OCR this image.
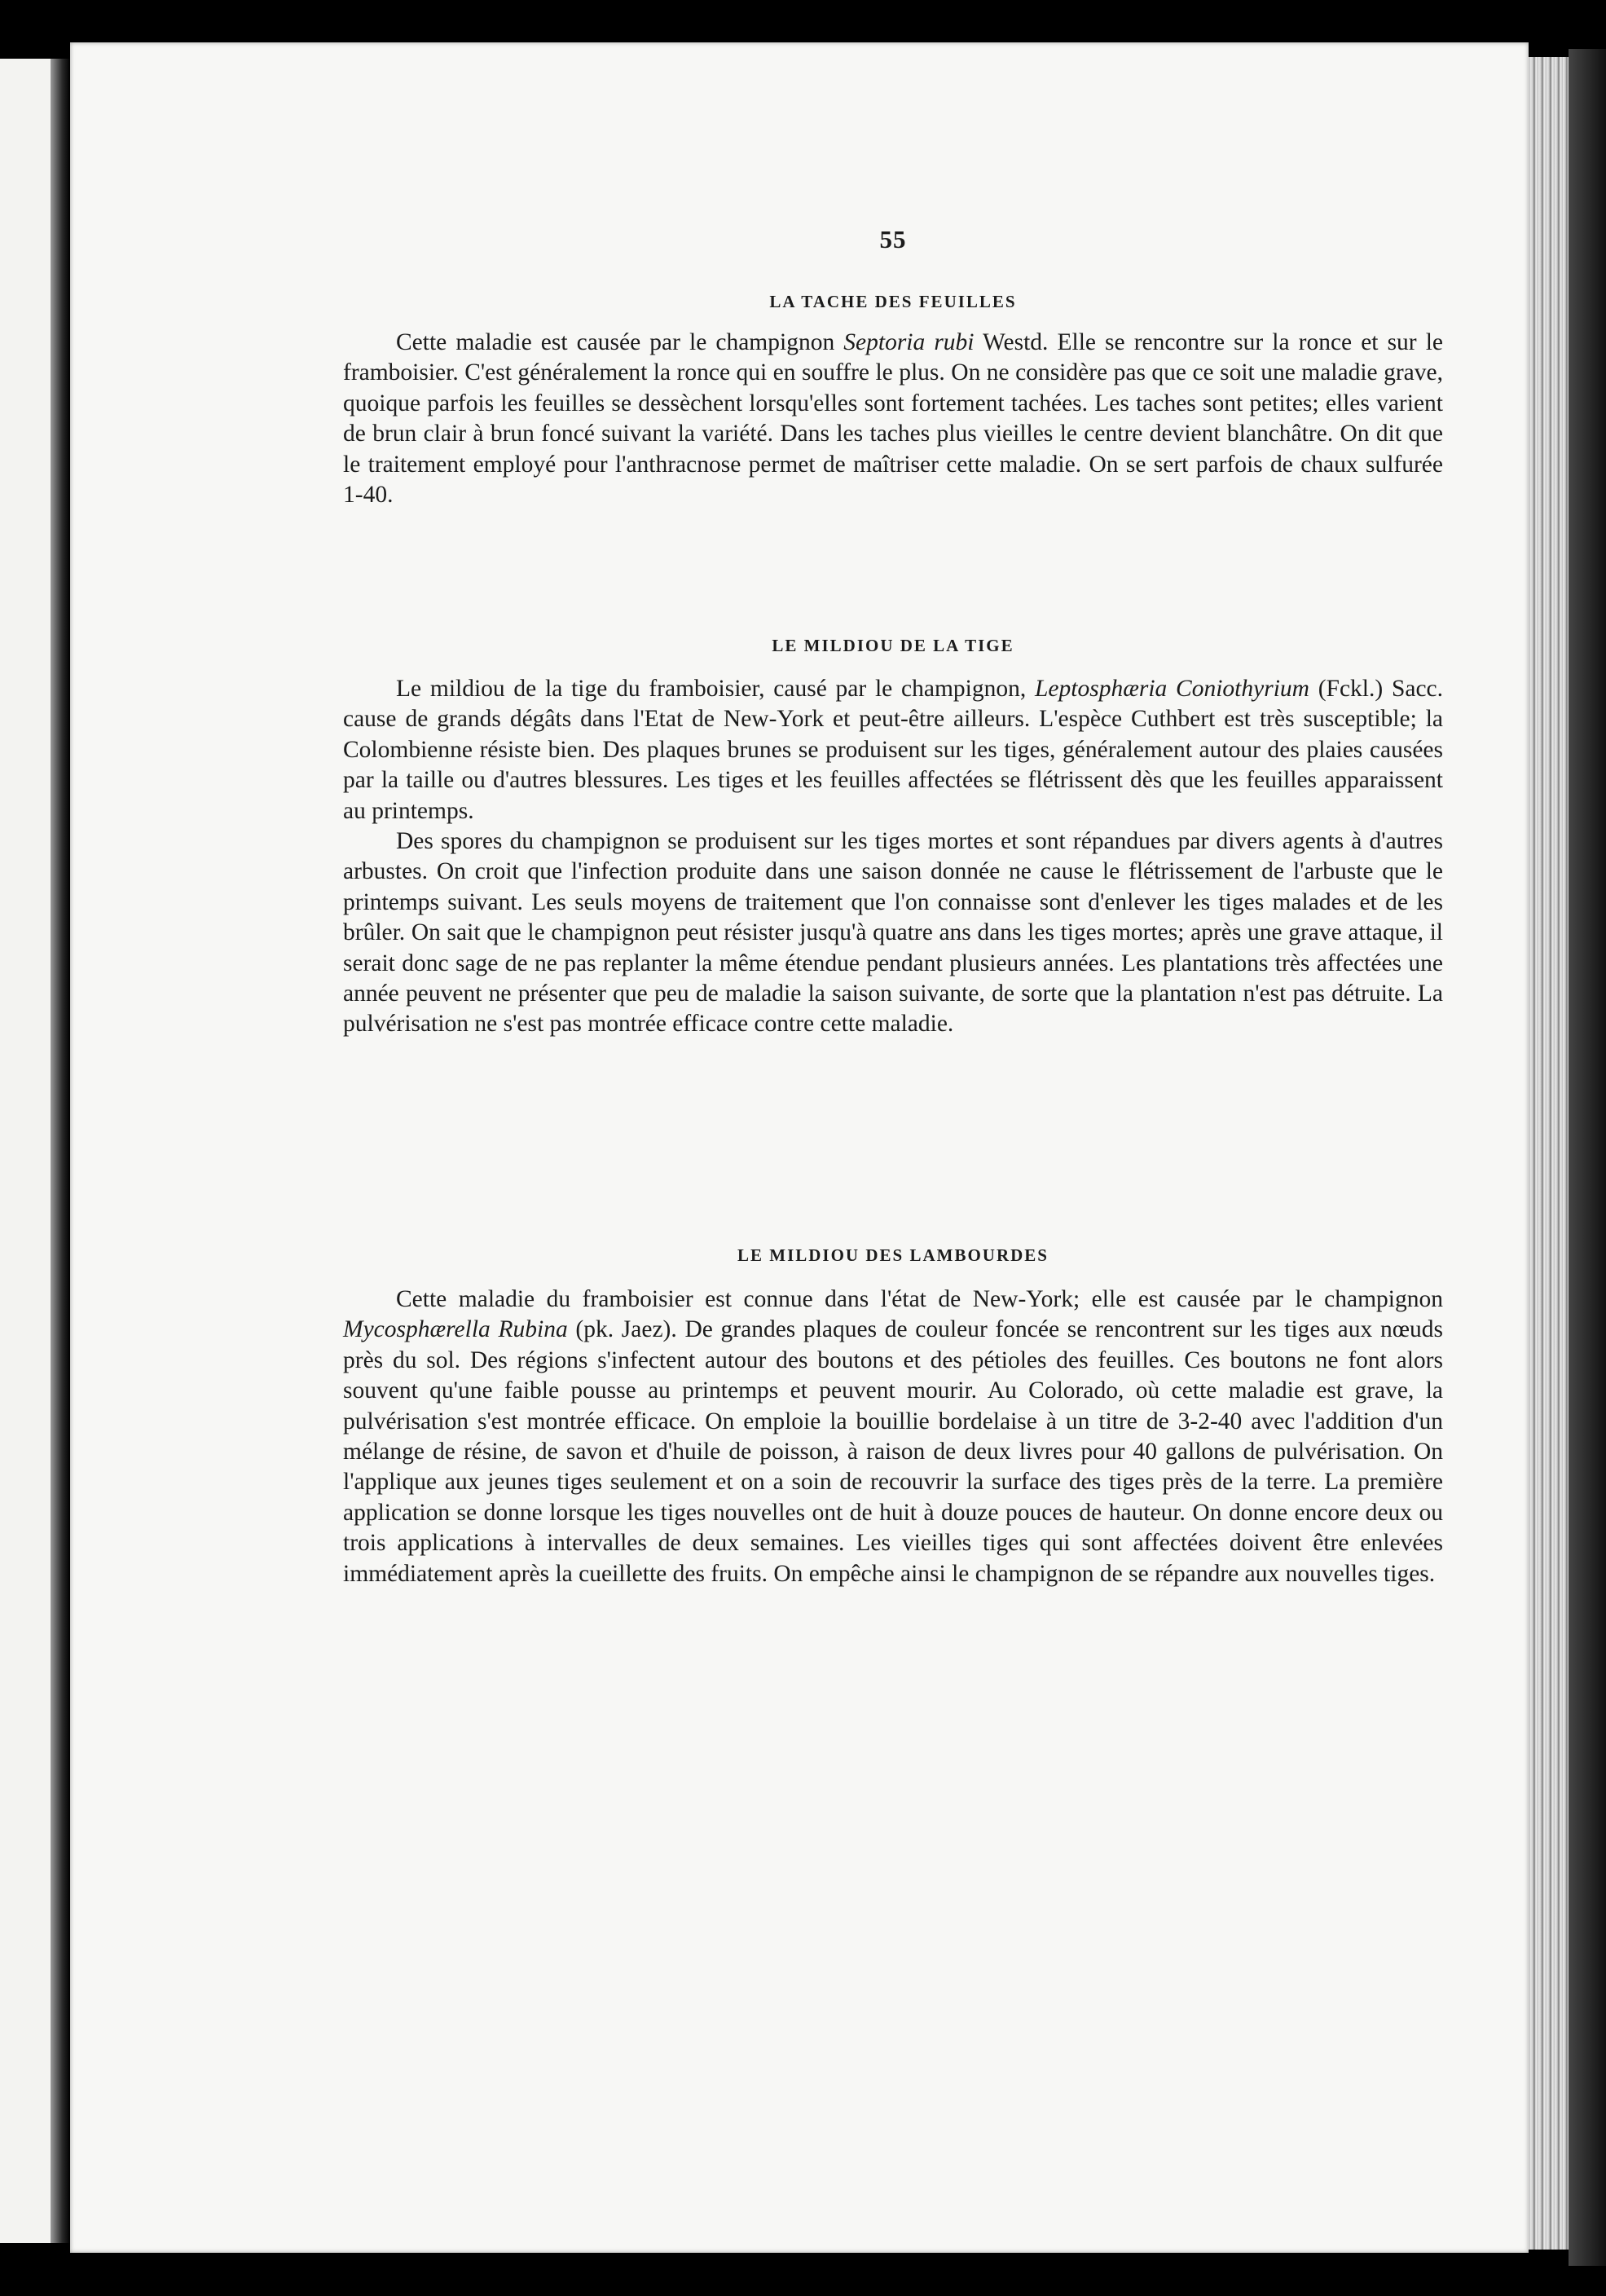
55
LA TACHE DES FEUILLES

Cette maladie est causée par le champignon Septoria rubi Westd. Elle se rencontre sur la ronce et sur le framboisier. C'est généralement la ronce qui en souffre le plus. On ne considère pas que ce soit une maladie grave, quoique parfois les feuilles se dessèchent lorsqu'elles sont fortement tachées. Les taches sont petites; elles varient de brun clair à brun foncé suivant la variété. Dans les taches plus vieilles le centre devient blanchâtre. On dit que le traitement employé pour l'anthracnose permet de maîtriser cette maladie. On se sert parfois de chaux sulfurée 1-40.

LE MILDIOU DE LA TIGE

Le mildiou de la tige du framboisier, causé par le champignon, Leptosphæria Coniothyrium (Fckl.) Sacc. cause de grands dégâts dans l'Etat de New-York et peut-être ailleurs. L'espèce Cuthbert est très susceptible; la Colombienne résiste bien. Des plaques brunes se produisent sur les tiges, généralement autour des plaies causées par la taille ou d'autres blessures. Les tiges et les feuilles affectées se flétrissent dès que les feuilles apparaissent au printemps.

Des spores du champignon se produisent sur les tiges mortes et sont répandues par divers agents à d'autres arbustes. On croit que l'infection produite dans une saison donnée ne cause le flétrissement de l'arbuste que le printemps suivant. Les seuls moyens de traitement que l'on connaisse sont d'enlever les tiges malades et de les brûler. On sait que le champignon peut résister jusqu'à quatre ans dans les tiges mortes; après une grave attaque, il serait donc sage de ne pas replanter la même étendue pendant plusieurs années. Les plantations très affectées une année peuvent ne présenter que peu de maladie la saison suivante, de sorte que la plantation n'est pas détruite. La pulvérisation ne s'est pas montrée efficace contre cette maladie.

LE MILDIOU DES LAMBOURDES

Cette maladie du framboisier est connue dans l'état de New-York; elle est causée par le champignon Mycosphærella Rubina (pk. Jaez). De grandes plaques de couleur foncée se rencontrent sur les tiges aux nœuds près du sol. Des régions s'infectent autour des boutons et des pétioles des feuilles. Ces boutons ne font alors souvent qu'une faible pousse au printemps et peuvent mourir. Au Colorado, où cette maladie est grave, la pulvérisation s'est montrée efficace. On emploie la bouillie bordelaise à un titre de 3-2-40 avec l'addition d'un mélange de résine, de savon et d'huile de poisson, à raison de deux livres pour 40 gallons de pulvérisation. On l'applique aux jeunes tiges seulement et on a soin de recouvrir la surface des tiges près de la terre. La première application se donne lorsque les tiges nouvelles ont de huit à douze pouces de hauteur. On donne encore deux ou trois applications à intervalles de deux semaines. Les vieilles tiges qui sont affectées doivent être enlevées immédiatement après la cueillette des fruits. On empêche ainsi le champignon de se répandre aux nouvelles tiges.
